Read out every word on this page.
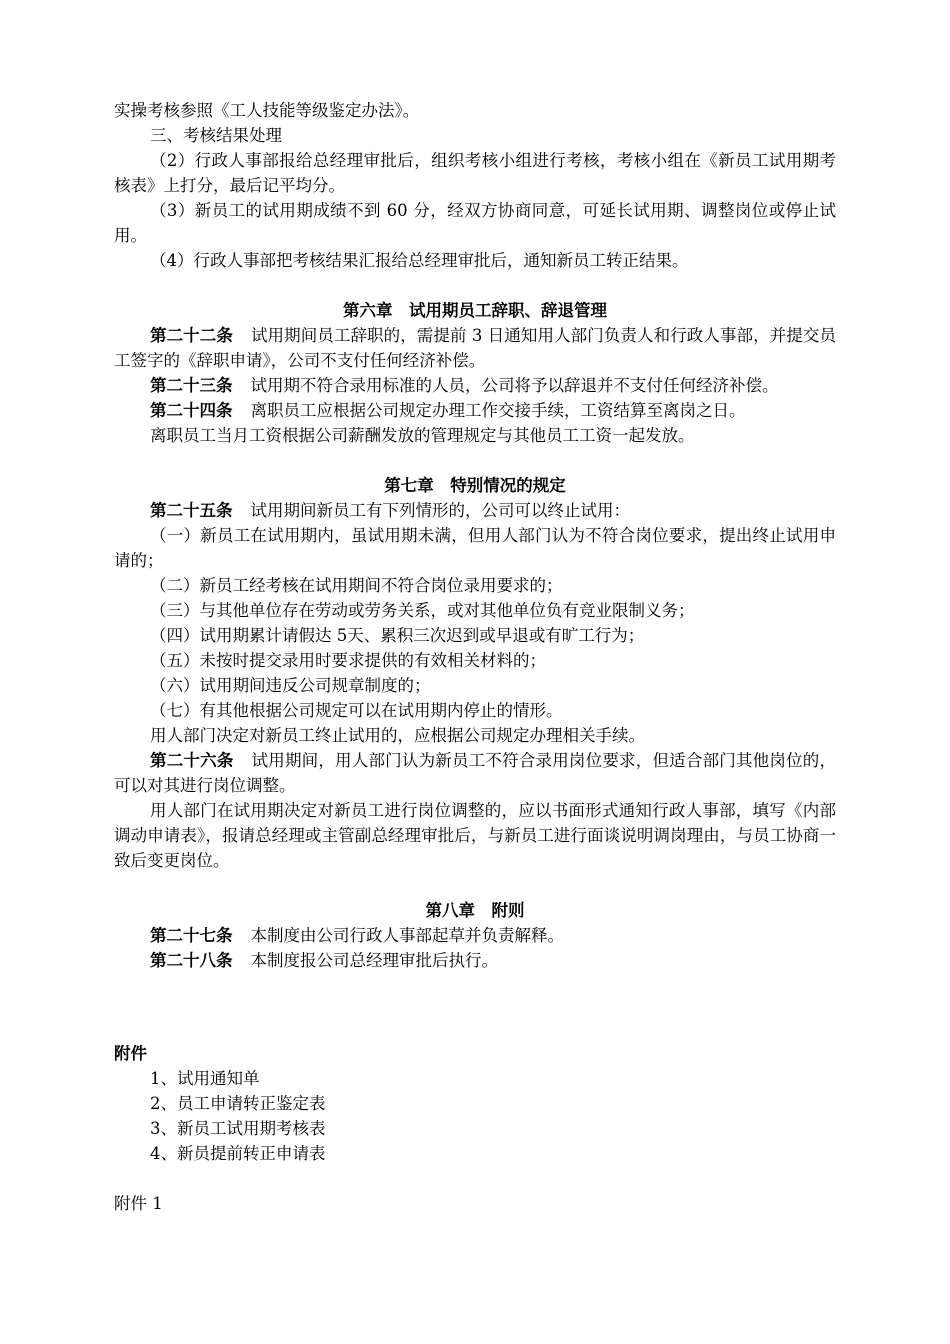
实操考核参照《工人技能等级鉴定办法》。

三、考核结果处理

（2）行政人事部报给总经理审批后，组织考核小组进行考核，考核小组在《新员工试用期考核表》上打分，最后记平均分。

（3）新员工的试用期成绩不到 60 分，经双方协商同意，可延长试用期、调整岗位或停止试用。

（4）行政人事部把考核结果汇报给总经理审批后，通知新员工转正结果。

第六章　试用期员工辞职、辞退管理

第二十二条 试用期间员工辞职的，需提前 3 日通知用人部门负责人和行政人事部，并提交员工签字的《辞职申请》，公司不支付任何经济补偿。

第二十三条 试用期不符合录用标准的人员，公司将予以辞退并不支付任何经济补偿。

第二十四条 离职员工应根据公司规定办理工作交接手续，工资结算至离岗之日。

离职员工当月工资根据公司薪酬发放的管理规定与其他员工工资一起发放。

第七章　特别情况的规定

第二十五条 试用期间新员工有下列情形的，公司可以终止试用：

（一）新员工在试用期内，虽试用期未满，但用人部门认为不符合岗位要求，提出终止试用申请的；

（二）新员工经考核在试用期间不符合岗位录用要求的；

（三）与其他单位存在劳动或劳务关系，或对其他单位负有竞业限制义务；

（四）试用期累计请假达 5天、累积三次迟到或早退或有旷工行为；

（五）未按时提交录用时要求提供的有效相关材料的；

（六）试用期间违反公司规章制度的；

（七）有其他根据公司规定可以在试用期内停止的情形。

用人部门决定对新员工终止试用的，应根据公司规定办理相关手续。

第二十六条 试用期间，用人部门认为新员工不符合录用岗位要求，但适合部门其他岗位的，可以对其进行岗位调整。

用人部门在试用期决定对新员工进行岗位调整的，应以书面形式通知行政人事部，填写《内部调动申请表》，报请总经理或主管副总经理审批后，与新员工进行面谈说明调岗理由，与员工协商一致后变更岗位。

第八章　附则

第二十七条 本制度由公司行政人事部起草并负责解释。

第二十八条 本制度报公司总经理审批后执行。

附件

1、试用通知单

2、员工申请转正鉴定表

3、新员工试用期考核表

4、新员提前转正申请表

附件 1
